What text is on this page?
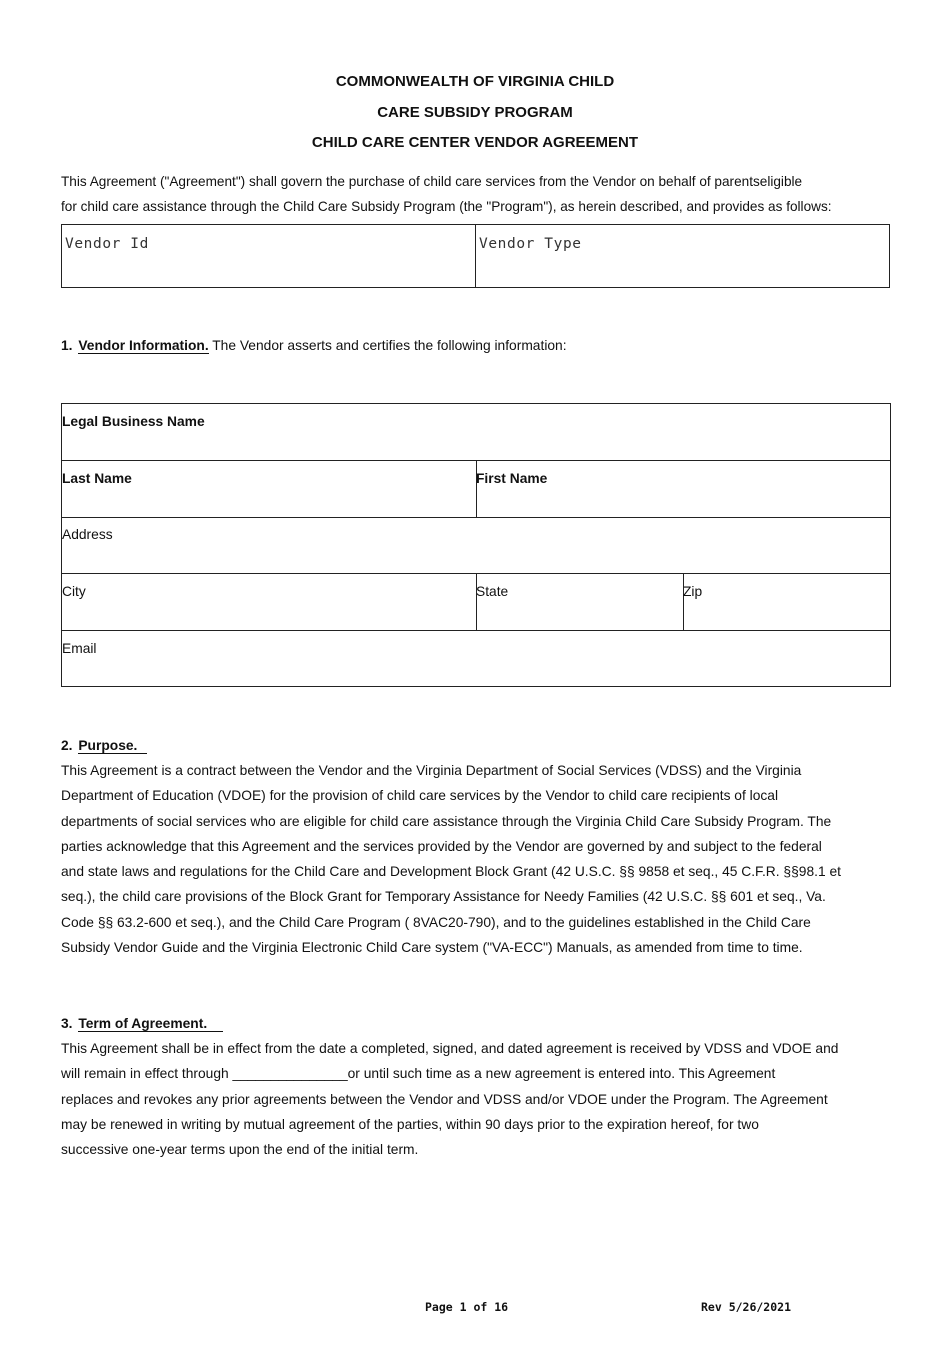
COMMONWEALTH OF VIRGINIA CHILD
CARE SUBSIDY PROGRAM
CHILD CARE CENTER VENDOR AGREEMENT
This Agreement ("Agreement") shall govern the purchase of child care services from the Vendor on behalf of parentseligible
for child care assistance through the Child Care Subsidy Program (the "Program"), as herein described, and provides as follows:
Vendor Id	Vendor Type
1. Vendor Information. The Vendor asserts and certifies the following information:
Legal Business Name
Last Name	First Name
Address
City	State	Zip
Email
2. Purpose.
This Agreement is a contract between the Vendor and the Virginia Department of Social Services (VDSS) and the Virginia
Department of Education (VDOE) for the provision of child care services by the Vendor to child care recipients of local
departments of social services who are eligible for child care assistance through the Virginia Child Care Subsidy Program. The
parties acknowledge that this Agreement and the services provided by the Vendor are governed by and subject to the federal
and state laws and regulations for the Child Care and Development Block Grant (42 U.S.C. §§ 9858 et seq., 45 C.F.R. §§98.1 et
seq.), the child care provisions of the Block Grant for Temporary Assistance for Needy Families (42 U.S.C. §§ 601 et seq., Va.
Code §§ 63.2-600 et seq.), and the Child Care Program ( 8VAC20-790), and to the guidelines established in the Child Care
Subsidy Vendor Guide and the Virginia Electronic Child Care system ("VA-ECC") Manuals, as amended from time to time.
3. Term of Agreement.
This Agreement shall be in effect from the date a completed, signed, and dated agreement is received by VDSS and VDOE and
will remain in effect through _______________or until such time as a new agreement is entered into. This Agreement
replaces and revokes any prior agreements between the Vendor and VDSS and/or VDOE under the Program. The Agreement
may be renewed in writing by mutual agreement of the parties, within 90 days prior to the expiration hereof, for two
successive one-year terms upon the end of the initial term.
Page 1 of 16	Rev 5/26/2021
